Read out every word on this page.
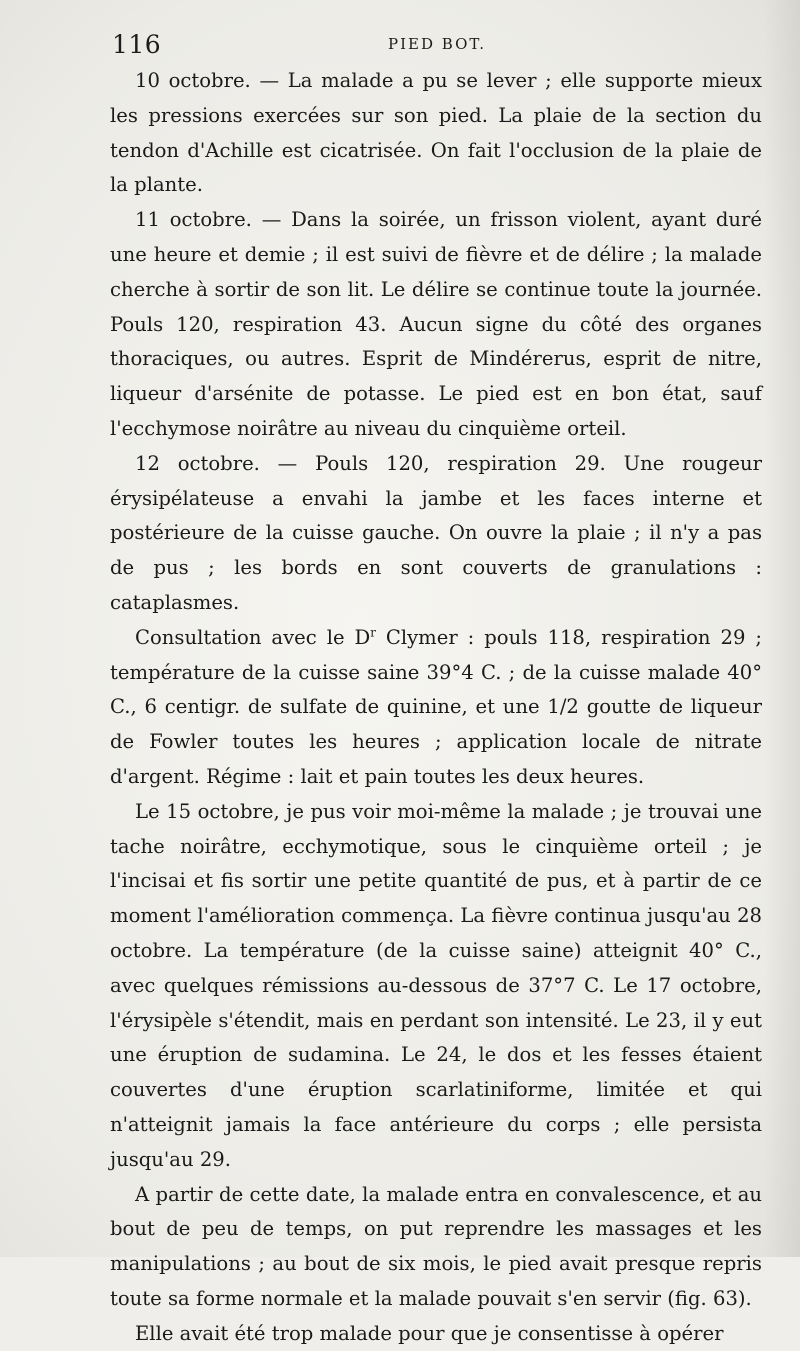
116	PIED BOT.

10 octobre. — La malade a pu se lever ; elle supporte mieux les pressions exercées sur son pied. La plaie de la section du tendon d'Achille est cicatrisée. On fait l'occlusion de la plaie de la plante.

11 octobre. — Dans la soirée, un frisson violent, ayant duré une heure et demie ; il est suivi de fièvre et de délire ; la malade cherche à sortir de son lit. Le délire se continue toute la journée. Pouls 120, respiration 43. Aucun signe du côté des organes thoraciques, ou autres. Esprit de Mindérerus, esprit de nitre, liqueur d'arsénite de potasse. Le pied est en bon état, sauf l'ecchymose noirâtre au niveau du cinquième orteil.

12 octobre. — Pouls 120, respiration 29. Une rougeur érysipélateuse a envahi la jambe et les faces interne et postérieure de la cuisse gauche. On ouvre la plaie ; il n'y a pas de pus ; les bords en sont couverts de granulations : cataplasmes.

Consultation avec le $D^r$ Clymer : pouls 118, respiration 29 ; température de la cuisse saine 39°4 C. ; de la cuisse malade 40° C., 6 centigr. de sulfate de quinine, et une 1/2 goutte de liqueur de Fowler toutes les heures ; application locale de nitrate d'argent. Régime : lait et pain toutes les deux heures.

Le 15 octobre, je pus voir moi-même la malade ; je trouvai une tache noirâtre, ecchymotique, sous le cinquième orteil ; je l'incisai et fis sortir une petite quantité de pus, et à partir de ce moment l'amélioration commença. La fièvre continua jusqu'au 28 octobre. La température (de la cuisse saine) atteignit 40° C., avec quelques rémissions au-dessous de 37°7 C. Le 17 octobre, l'érysipèle s'étendit, mais en perdant son intensité. Le 23, il y eut une éruption de sudamina. Le 24, le dos et les fesses étaient couvertes d'une éruption scarlatiniforme, limitée et qui n'atteignit jamais la face antérieure du corps ; elle persista jusqu'au 29.

A partir de cette date, la malade entra en convalescence, et au bout de peu de temps, on put reprendre les massages et les manipulations ; au bout de six mois, le pied avait presque repris toute sa forme normale et la malade pouvait s'en servir (fig. 63).

Elle avait été trop malade pour que je consentisse à opérer
